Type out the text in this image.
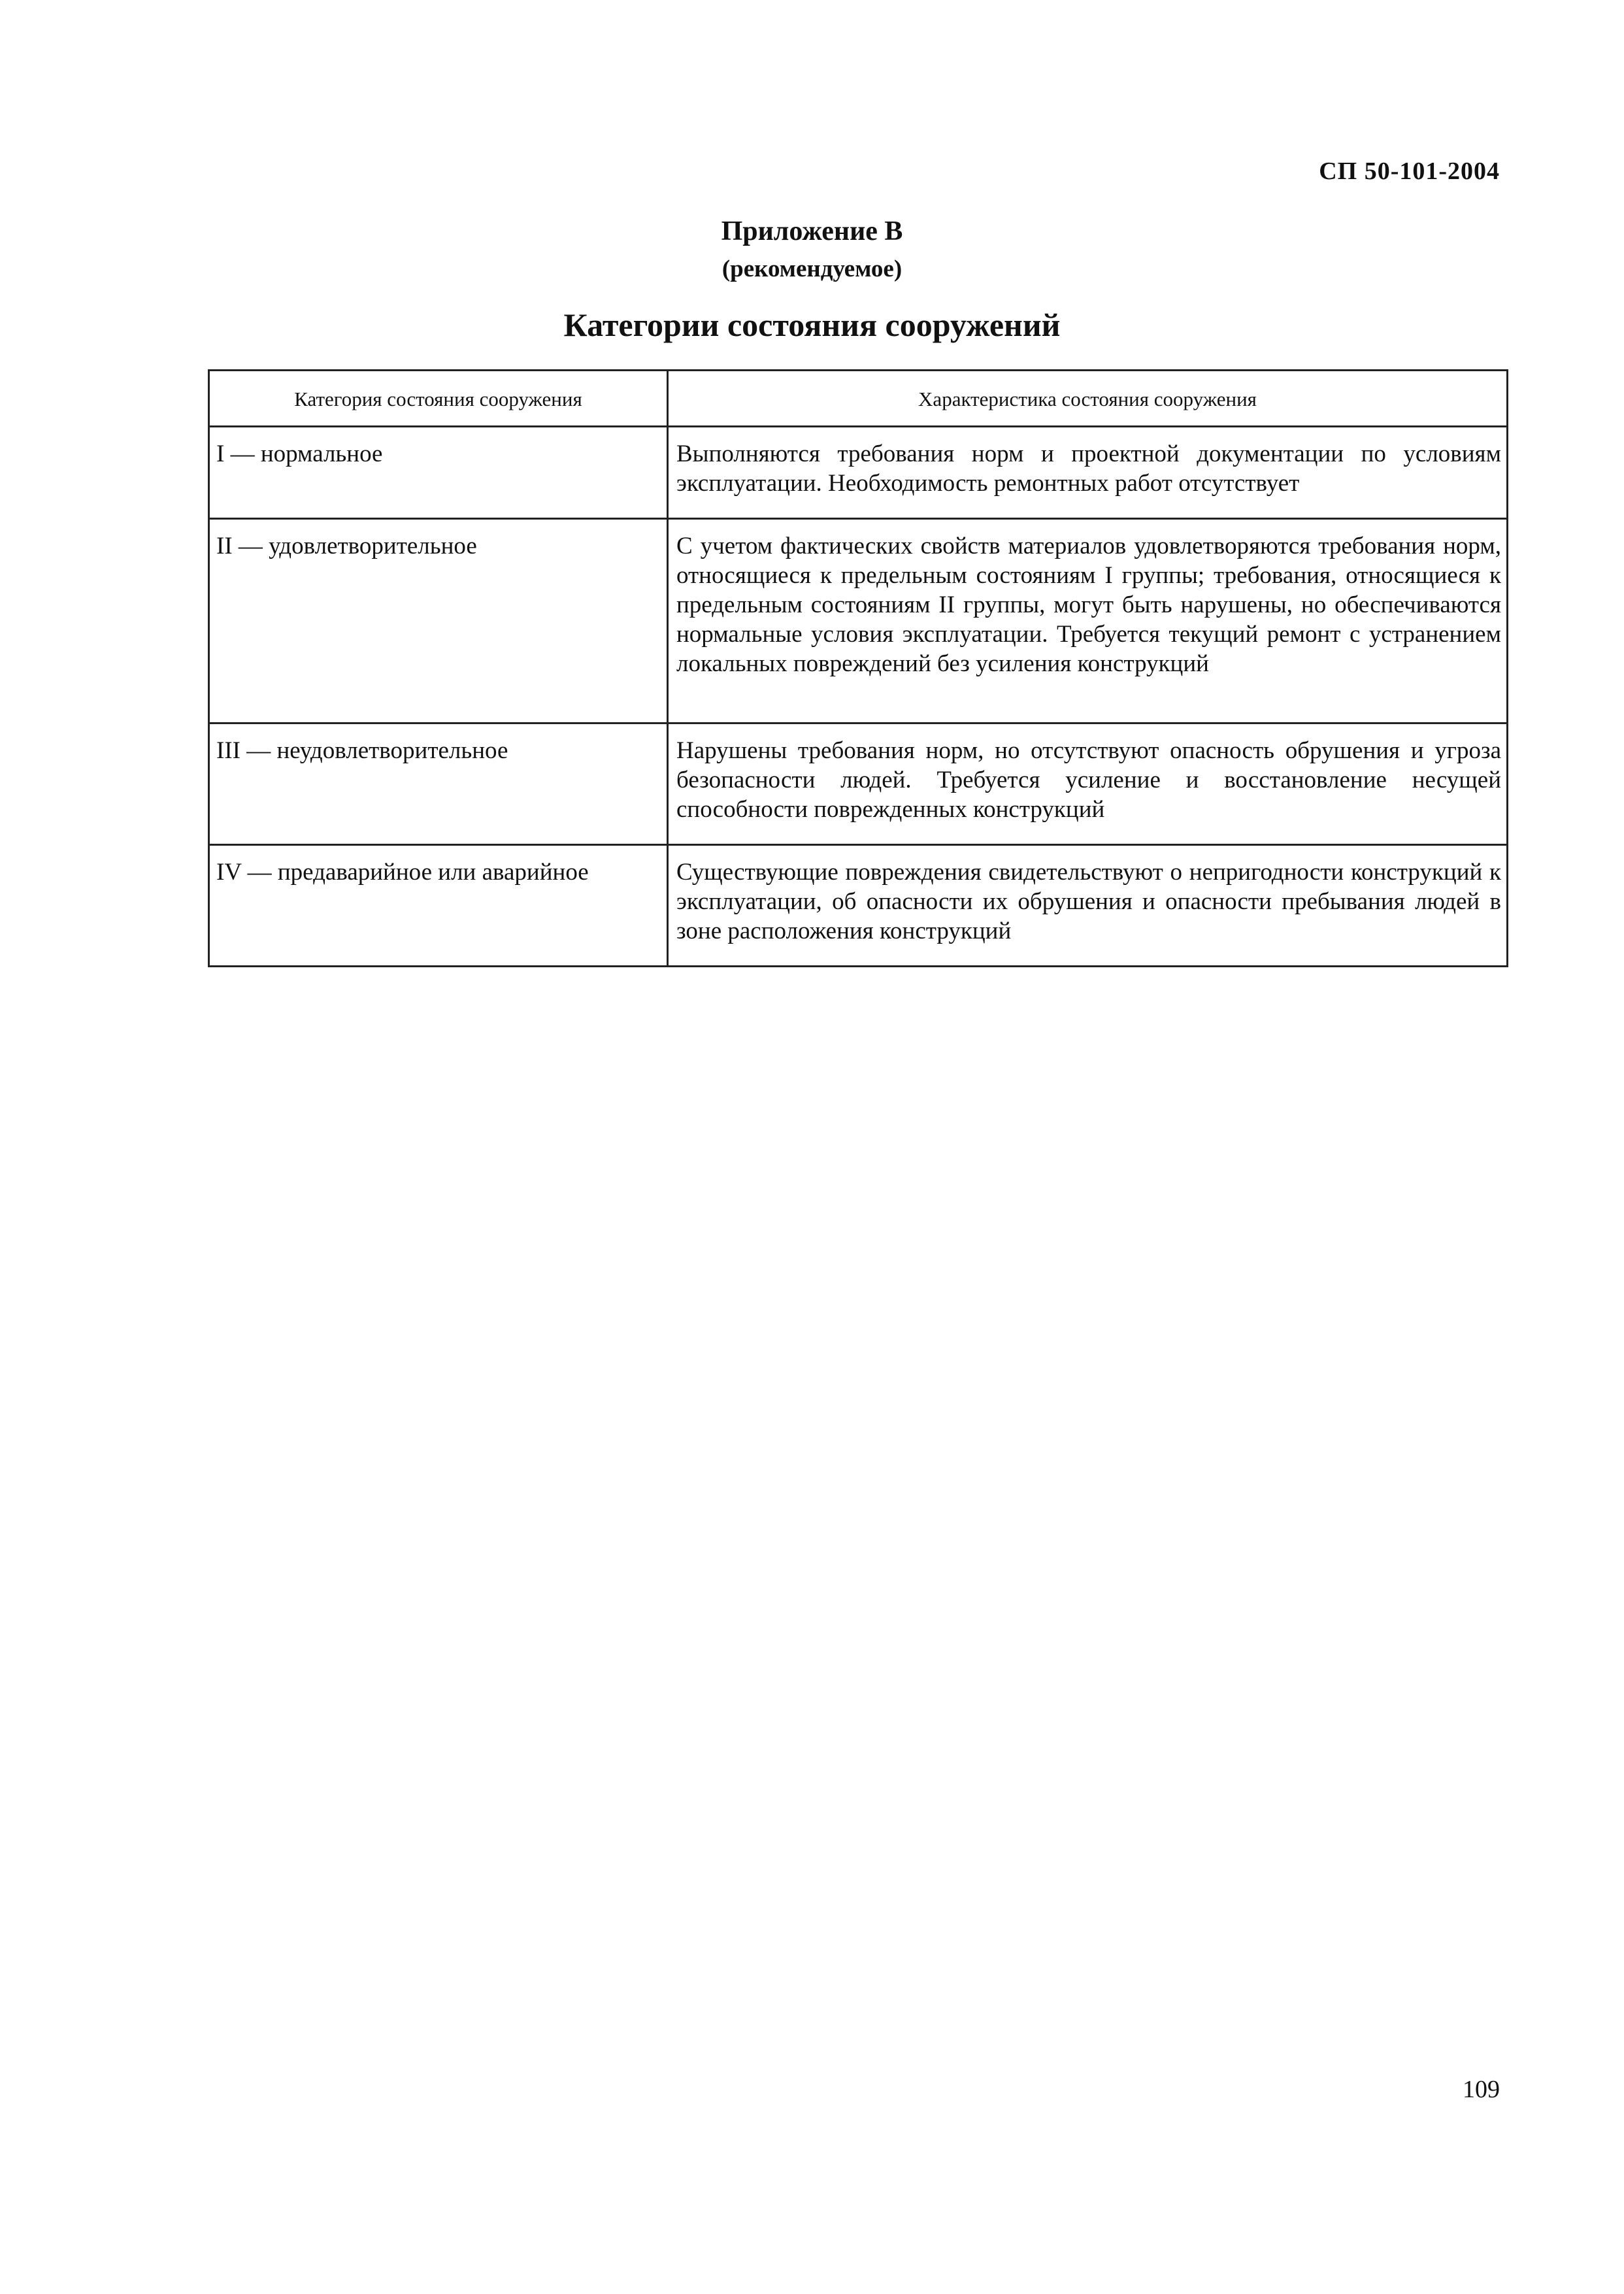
СП 50-101-2004
Приложение В
(рекомендуемое)
Категории состояния сооружений
Категория состояния сооружения	Характеристика состояния сооружения
I — нормальное	Выполняются требования норм и проектной документации по условиям эксплуатации. Необходимость ремонтных работ отсутствует
II — удовлетворительное	С учетом фактических свойств материалов удовлетворяются требования норм, относящиеся к предельным состояниям I группы; требования, относящиеся к предельным состояниям II группы, могут быть нарушены, но обеспечиваются нормальные условия эксплуатации. Требуется текущий ремонт с устранением локальных повреждений без усиления конструкций
III — неудовлетворительное	Нарушены требования норм, но отсутствуют опасность обрушения и угроза безопасности людей. Требуется усиление и восстановление несущей способности поврежденных конструкций
IV — предаварийное или аварийное	Существующие повреждения свидетельствуют о непригодности конструкций к эксплуатации, об опасности их обрушения и опасности пребывания людей в зоне расположения конструкций
109
